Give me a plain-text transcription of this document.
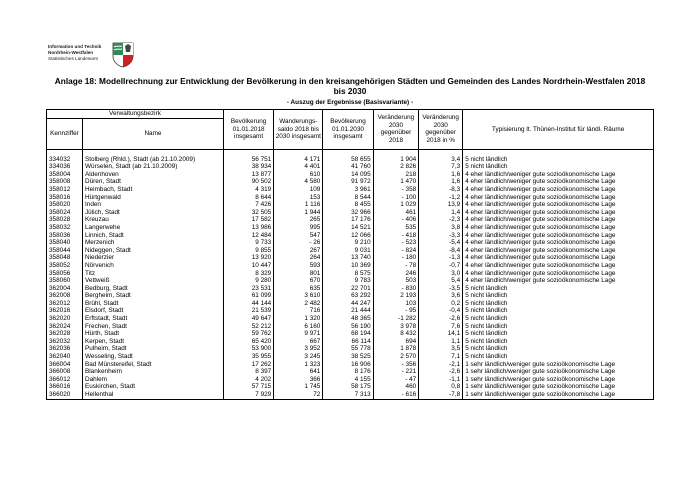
Information und Technik
Nordrhein-Westfalen
Statistisches Landesamt
Anlage 18: Modellrechnung zur Entwicklung der Bevölkerung in den kreisangehörigen Städten und Gemeinden des Landes Nordrhein-Westfalen 2018
bis 2030
- Auszug der Ergebnisse (Basisvariante) -
Verwaltungsbezirk		Bevölkerung 01.01.2018 insgesamt	Wanderungs-saldo 2018 bis 2030 insgesamt	Bevölkerung 01.01.2030 insgesamt	Veränderung 2030 gegenüber 2018	Veränderung 2030 gegenüber 2018 in %	Typisierung lt. Thünen-Institut für ländl. Räume
Kennziffer	Name						

334032	Stolberg (Rhld.), Stadt (ab 21.10.2009)	56 751	4 171	58 655	1 904	3,4	5 nicht ländlich
334036	Würselen, Stadt (ab 21.10.2009)	38 934	4 401	41 760	2 826	7,3	5 nicht ländlich
358004	Aldenhoven	13 877	610	14 095	218	1,6	4 eher ländlich/weniger gute sozioökonomische Lage
358008	Düren, Stadt	90 502	4 580	91 972	1 470	1,6	4 eher ländlich/weniger gute sozioökonomische Lage
358012	Heimbach, Stadt	4 319	109	3 961	- 358	-8,3	4 eher ländlich/weniger gute sozioökonomische Lage
358016	Hürtgenwald	8 644	153	8 544	- 100	-1,2	4 eher ländlich/weniger gute sozioökonomische Lage
358020	Inden	7 426	1 116	8 455	1 029	13,9	4 eher ländlich/weniger gute sozioökonomische Lage
358024	Jülich, Stadt	32 505	1 944	32 966	461	1,4	4 eher ländlich/weniger gute sozioökonomische Lage
358028	Kreuzau	17 582	265	17 176	- 406	-2,3	4 eher ländlich/weniger gute sozioökonomische Lage
358032	Langerwehe	13 986	995	14 521	535	3,8	4 eher ländlich/weniger gute sozioökonomische Lage
358036	Linnich, Stadt	12 484	547	12 066	- 418	-3,3	4 eher ländlich/weniger gute sozioökonomische Lage
358040	Merzenich	9 733	- 26	9 210	- 523	-5,4	4 eher ländlich/weniger gute sozioökonomische Lage
358044	Nideggen, Stadt	9 855	267	9 031	- 824	-8,4	4 eher ländlich/weniger gute sozioökonomische Lage
358048	Niederzier	13 920	264	13 740	- 180	-1,3	4 eher ländlich/weniger gute sozioökonomische Lage
358052	Nörvenich	10 447	593	10 369	- 78	-0,7	4 eher ländlich/weniger gute sozioökonomische Lage
358056	Titz	8 329	801	8 575	246	3,0	4 eher ländlich/weniger gute sozioökonomische Lage
358060	Vettweiß	9 280	670	9 783	503	5,4	4 eher ländlich/weniger gute sozioökonomische Lage
362004	Bedburg, Stadt	23 531	635	22 701	- 830	-3,5	5 nicht ländlich
362008	Bergheim, Stadt	61 099	3 610	63 292	2 193	3,6	5 nicht ländlich
362012	Brühl, Stadt	44 144	2 482	44 247	103	0,2	5 nicht ländlich
362016	Elsdorf, Stadt	21 539	716	21 444	- 95	-0,4	5 nicht ländlich
362020	Erftstadt, Stadt	49 647	1 320	48 365	-1 282	-2,6	5 nicht ländlich
362024	Frechen, Stadt	52 212	6 160	56 190	3 978	7,6	5 nicht ländlich
362028	Hürth, Stadt	59 762	9 971	68 194	8 432	14,1	5 nicht ländlich
362032	Kerpen, Stadt	65 420	667	66 114	694	1,1	5 nicht ländlich
362036	Pulheim, Stadt	53 900	3 952	55 778	1 878	3,5	5 nicht ländlich
362040	Wesseling, Stadt	35 955	3 245	38 525	2 570	7,1	5 nicht ländlich
366004	Bad Münstereifel, Stadt	17 262	1 323	16 906	- 356	-2,1	1 sehr ländlich/weniger gute sozioökonomische Lage
366008	Blankenheim	8 397	641	8 176	- 221	-2,6	1 sehr ländlich/weniger gute sozioökonomische Lage
366012	Dahlem	4 202	366	4 155	- 47	-1,1	1 sehr ländlich/weniger gute sozioökonomische Lage
366016	Euskirchen, Stadt	57 715	1 745	58 175	460	0,8	1 sehr ländlich/weniger gute sozioökonomische Lage
366020	Hellenthal	7 929	72	7 313	- 616	-7,8	1 sehr ländlich/weniger gute sozioökonomische Lage
